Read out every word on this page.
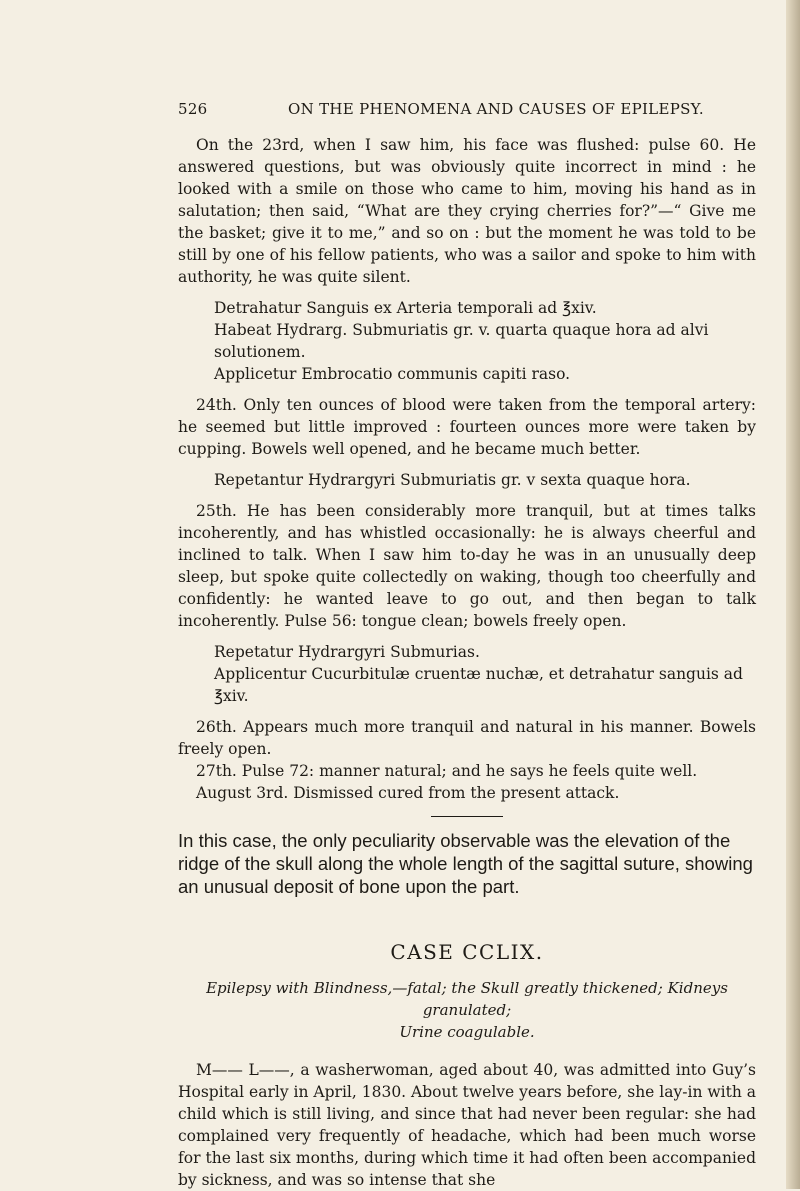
526	ON THE PHENOMENA AND CAUSES OF EPILEPSY.

On the 23rd, when I saw him, his face was flushed: pulse 60. He answered questions, but was obviously quite incorrect in mind : he looked with a smile on those who came to him, moving his hand as in salutation; then said, “What are they crying cherries for?”—“ Give me the basket; give it to me,” and so on : but the moment he was told to be still by one of his fellow patients, who was a sailor and spoke to him with authority, he was quite silent.

Detrahatur Sanguis ex Arteria temporali ad ℥xiv.

Habeat Hydrarg. Submuriatis gr. v. quarta quaque hora ad alvi solutionem.

Applicetur Embrocatio communis capiti raso.

24th. Only ten ounces of blood were taken from the temporal artery: he seemed but little improved : fourteen ounces more were taken by cupping. Bowels well opened, and he became much better.

Repetantur Hydrargyri Submuriatis gr. v sexta quaque hora.

25th. He has been considerably more tranquil, but at times talks incoherently, and has whistled occasionally: he is always cheerful and inclined to talk. When I saw him to-day he was in an unusually deep sleep, but spoke quite collectedly on waking, though too cheerfully and confidently: he wanted leave to go out, and then began to talk incoherently. Pulse 56: tongue clean; bowels freely open.

Repetatur Hydrargyri Submurias.

Applicentur Cucurbitulæ cruentæ nuchæ, et detrahatur sanguis ad ℥xiv.

26th. Appears much more tranquil and natural in his manner. Bowels freely open.

27th. Pulse 72: manner natural; and he says he feels quite well.

August 3rd. Dismissed cured from the present attack.

In this case, the only peculiarity observable was the elevation of the ridge of the skull along the whole length of the sagittal suture, showing an unusual deposit of bone upon the part.

CASE CCLIX.
Epilepsy with Blindness,—fatal; the Skull greatly thickened; Kidneys granulated;
Urine coagulable.

M—— L——, a washerwoman, aged about 40, was admitted into Guy’s Hospital early in April, 1830. About twelve years before, she lay-in with a child which is still living, and since that had never been regular: she had complained very frequently of headache, which had been much worse for the last six months, during which time it had often been accompanied by sickness, and was so intense that she
